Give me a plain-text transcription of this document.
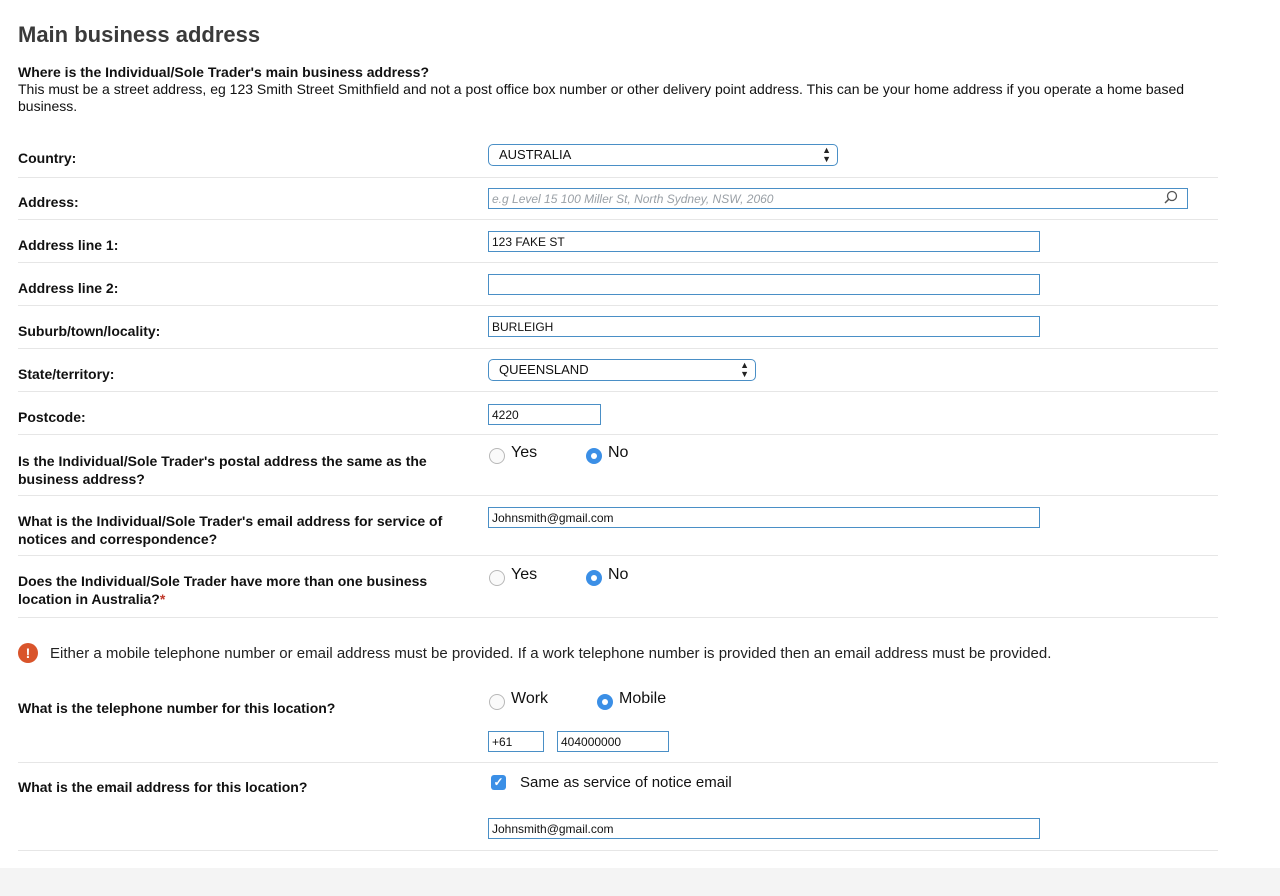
Main business address
Where is the Individual/Sole Trader's main business address?
This must be a street address, eg 123 Smith Street Smithfield and not a post office box number or other delivery point address. This can be your home address if you operate a home based business.
Country:	AUSTRALIA	▲
▼
Address:
e.g Level 15 100 Miller St, North Sydney, NSW, 2060
Address line 1:
123 FAKE ST
Address line 2:
Suburb/town/locality:
BURLEIGH
State/territory:	QUEENSLAND	▲
▼
Postcode:
4220
Is the Individual/Sole Trader's postal address the same as the business address?
Yes	No
What is the Individual/Sole Trader's email address for service of notices and correspondence?
Johnsmith@gmail.com
Does the Individual/Sole Trader have more than one business location in Australia?*
Yes	No
!	Either a mobile telephone number or email address must be provided. If a work telephone number is provided then an email address must be provided.
What is the telephone number for this location?
Work	Mobile
+61
404000000
What is the email address for this location?	✓ Same as service of notice email
Johnsmith@gmail.com
